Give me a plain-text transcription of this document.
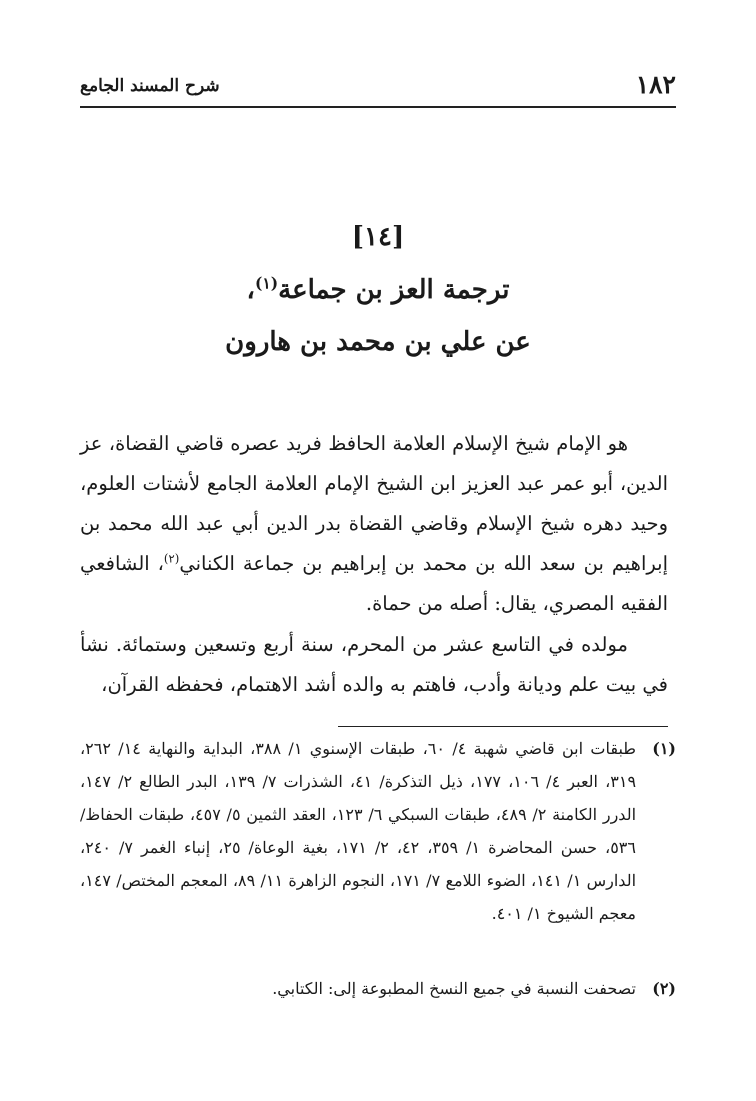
١٨٢
شرح المسند الجامع
[١٤]
ترجمة العز بن جماعة$^{(١)}$،
عن علي بن محمد بن هارون
هو الإمام شيخ الإسلام العلامة الحافظ فريد عصره قاضي القضاة، عز الدين، أبو عمر عبد العزيز ابن الشيخ الإمام العلامة الجامع لأشتات العلوم، وحيد دهره شيخ الإسلام وقاضي القضاة بدر الدين أبي عبد الله محمد بن إبراهيم بن سعد الله بن محمد بن إبراهيم بن جماعة الكناني$^{(٢)}$، الشافعي الفقيه المصري، يقال: أصله من حماة.
مولده في التاسع عشر من المحرم، سنة أربع وتسعين وستمائة. نشأ في بيت علم وديانة وأدب، فاهتم به والده أشد الاهتمام، فحفظه القرآن،
(١)
طبقات ابن قاضي شهبة ٤/ ٦٠، طبقات الإسنوي ١/ ٣٨٨، البداية والنهاية ١٤/ ٢٦٢، ٣١٩، العبر ٤/ ١٠٦، ١٧٧، ذيل التذكرة/ ٤١، الشذرات ٧/ ١٣٩، البدر الطالع ٢/ ١٤٧، الدرر الكامنة ٢/ ٤٨٩، طبقات السبكي ٦/ ١٢٣، العقد الثمين ٥/ ٤٥٧، طبقات الحفاظ/ ٥٣٦، حسن المحاضرة ١/ ٣٥٩، ٤٢، ٢/ ١٧١، بغية الوعاة/ ٢٥، إنباء الغمر ٧/ ٢٤٠، الدارس ١/ ١٤١، الضوء اللامع ٧/ ١٧١، النجوم الزاهرة ١١/ ٨٩، المعجم المختص/ ١٤٧، معجم الشيوخ ١/ ٤٠١.
(٢)
تصحفت النسبة في جميع النسخ المطبوعة إلى: الكتابي.
